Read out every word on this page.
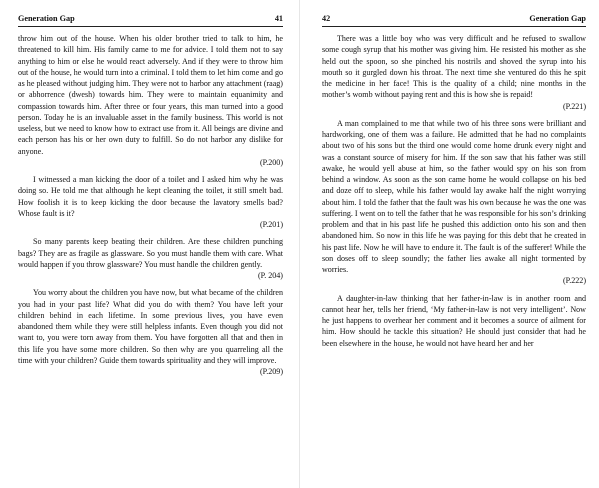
Generation Gap	41

throw him out of the house. When his older brother tried to talk to him, he threatened to kill him. His family came to me for advice. I told them not to say anything to him or else he would react adversely. And if they were to throw him out of the house, he would turn into a criminal. I told them to let him come and go as he pleased without judging him. They were not to harbor any attachment (raag) or abhorrence (dwesh) towards him. They were to maintain equanimity and compassion towards him. After three or four years, this man turned into a good person. Today he is an invaluable asset in the family business. This world is not useless, but we need to know how to extract use from it. All beings are divine and each person has his or her own duty to fulfill. So do not harbor any dislike for anyone.
(P.200)

I witnessed a man kicking the door of a toilet and I asked him why he was doing so. He told me that although he kept cleaning the toilet, it still smelt bad. How foolish it is to keep kicking the door because the lavatory smells bad? Whose fault is it?
(P.201)

So many parents keep beating their children. Are these children punching bags? They are as fragile as glassware. So you must handle them with care. What would happen if you throw glassware? You must handle the children gently.
(P. 204)

You worry about the children you have now, but what became of the children you had in your past life? What did you do with them? You have left your children behind in each lifetime. In some previous lives, you have even abandoned them while they were still helpless infants. Even though you did not want to, you were torn away from them. You have forgotten all that and then in this life you have some more children. So then why are you quarreling all the time with your children? Guide them towards spirituality and they will improve.
(P.209)

42	Generation Gap

There was a little boy who was very difficult and he refused to swallow some cough syrup that his mother was giving him. He resisted his mother as she held out the spoon, so she pinched his nostrils and shoved the syrup into his mouth so it gurgled down his throat. The next time she ventured do this he spit the medicine in her face! This is the quality of a child; nine months in the mother’s womb without paying rent and this is how she is repaid!
(P.221)

A man complained to me that while two of his three sons were brilliant and hardworking, one of them was a failure. He admitted that he had no complaints about two of his sons but the third one would come home drunk every night and was a constant source of misery for him. If the son saw that his father was still awake, he would yell abuse at him, so the father would spy on his son from behind a window. As soon as the son came home he would collapse on his bed and doze off to sleep, while his father would lay awake half the night worrying about him. I told the father that the fault was his own because he was the one was suffering. I went on to tell the father that he was responsible for his son’s drinking problem and that in his past life he pushed this addiction onto his son and then abandoned him. So now in this life he was paying for this debt that he created in his past life. Now he will have to endure it. The fault is of the sufferer! While the son doses off to sleep soundly; the father lies awake all night tormented by worries.
(P.222)

A daughter-in-law thinking that her father-in-law is in another room and cannot hear her, tells her friend, ‘My father-in-law is not very intelligent’. Now he just happens to overhear her comment and it becomes a source of ailment for him. How should he tackle this situation? He should just consider that had he been elsewhere in the house, he would not have heard her and her
